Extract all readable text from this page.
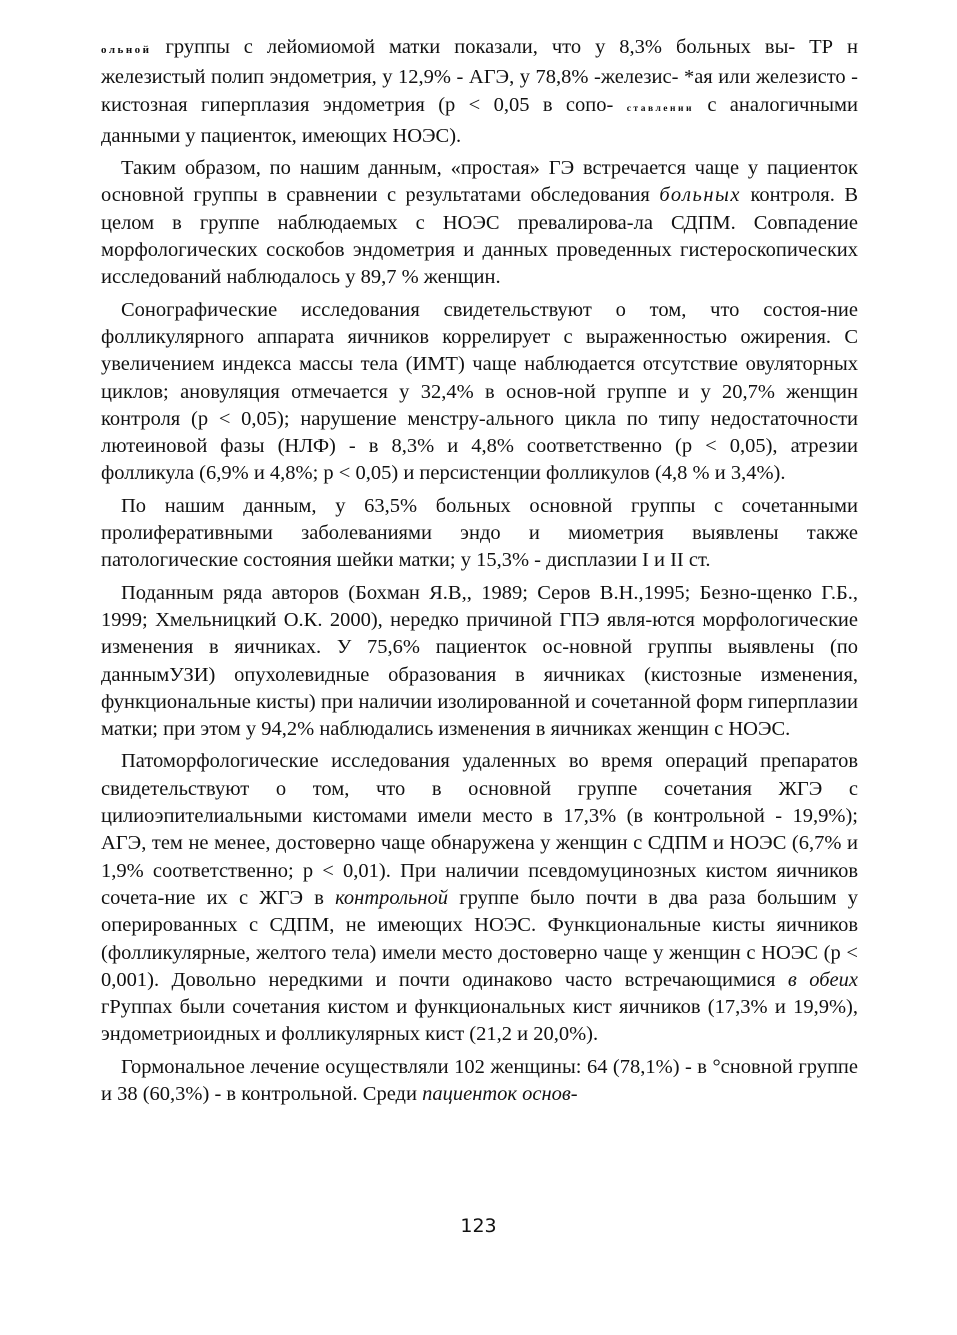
ольной группы с лейомиомой матки показали, что у 8,3% больных вы- ТР н железистый полип эндометрия, у 12,9% - АГЭ, у 78,8% -железис- *ая или железисто - кистозная гиперплазия эндометрия (р < 0,05 в сопо- ставлении с аналогичными данными у пациенток, имеющих НОЭС).

Таким образом, по нашим данным, «простая» ГЭ встречается чаще у пациенток основной группы в сравнении с результатами обследования больных контроля. В целом в группе наблюдаемых с НОЭС превалирова-ла СДПМ. Совпадение морфологических соскобов эндометрия и данных проведенных гистероскопических исследований наблюдалось у 89,7 % женщин.

Сонографические исследования свидетельствуют о том, что состоя-ние фолликулярного аппарата яичников коррелирует с выраженностью ожирения. С увеличением индекса массы тела (ИМТ) чаще наблюдается отсутствие овуляторных циклов; ановуляция отмечается у 32,4% в основ-ной группе и у 20,7% женщин контроля (р < 0,05); нарушение менстру-ального цикла по типу недостаточности лютеиновой фазы (НЛФ) - в 8,3% и 4,8% соответственно (р < 0,05), атрезии фолликула (6,9% и 4,8%; р < 0,05) и персистенции фолликулов (4,8 % и 3,4%).

По нашим данным, у 63,5% больных основной группы с сочетанными пролиферативными заболеваниями эндо и миометрия выявлены также патологические состояния шейки матки; у 15,3% - дисплазии I и II ст.

Поданным ряда авторов (Бохман Я.В,, 1989; Серов В.Н.,1995; Безно-щенко Г.Б., 1999; Хмельницкий О.К. 2000), нередко причиной ГПЭ явля-ются морфологические изменения в яичниках. У 75,6% пациенток ос-новной группы выявлены (по даннымУЗИ) опухолевидные образования в яичниках (кистозные изменения, функциональные кисты) при наличии изолированной и сочетанной форм гиперплазии матки; при этом у 94,2% наблюдались изменения в яичниках женщин с НОЭС.

Патоморфологические исследования удаленных во время операций препаратов свидетельствуют о том, что в основной группе сочетания ЖГЭ с цилиоэпителиальными кистомами имели место в 17,3% (в контрольной - 19,9%); АГЭ, тем не менее, достоверно чаще обнаружена у женщин с СДПМ и НОЭС (6,7% и 1,9% соответственно; р < 0,01). При наличии псевдомуцинозных кистом яичников сочета-ние их с ЖГЭ в контрольной группе было почти в два раза большим у оперированных с СДПМ, не имеющих НОЭС. Функциональные кисты яичников (фолликулярные, желтого тела) имели место достоверно чаще у женщин с НОЭС (р < 0,001). Довольно нередкими и почти одинаково часто встречающимися в обеих гРуппах были сочетания кистом и функциональных кист яичников (17,3% и 19,9%), эндометриоидных и фолликулярных кист (21,2 и 20,0%).

Гормональное лечение осуществляли 102 женщины: 64 (78,1%) - в °сновной группе и 38 (60,3%) - в контрольной. Среди пациенток основ-

123
